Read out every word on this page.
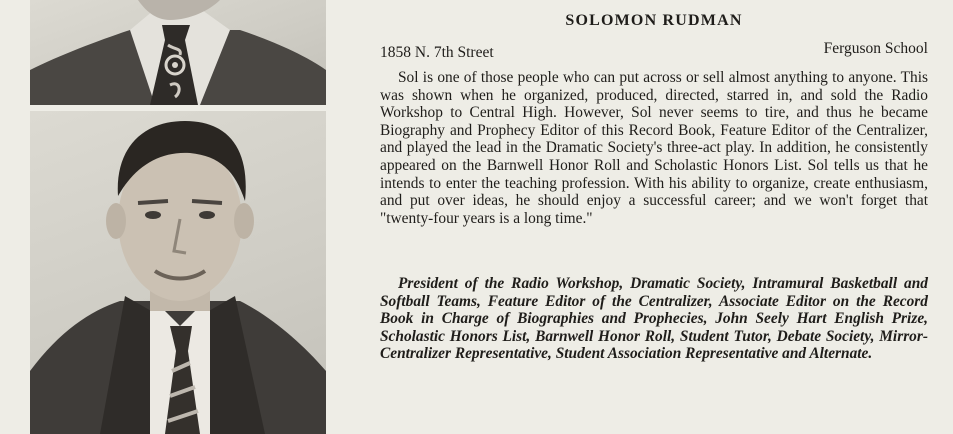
SOLOMON RUDMAN
1858 N. 7th Street	Ferguson School

Sol is one of those people who can put across or sell almost anything to anyone. This was shown when he organized, produced, directed, starred in, and sold the Radio Workshop to Central High. However, Sol never seems to tire, and thus he became Biography and Prophecy Editor of this Record Book, Feature Editor of the Centralizer, and played the lead in the Dramatic Society's three-act play. In addition, he consistently appeared on the Barnwell Honor Roll and Scholastic Honors List. Sol tells us that he intends to enter the teaching profession. With his ability to organize, create enthusiasm, and put over ideas, he should enjoy a successful career; and we won't forget that "twenty-four years is a long time."

President of the Radio Workshop, Dramatic Society, Intramural Basketball and Softball Teams, Feature Editor of the Centralizer, Associate Editor on the Record Book in Charge of Biographies and Prophecies, John Seely Hart English Prize, Scholastic Honors List, Barnwell Honor Roll, Student Tutor, Debate Society, Mirror-Centralizer Representative, Student Association Representative and Alternate.
